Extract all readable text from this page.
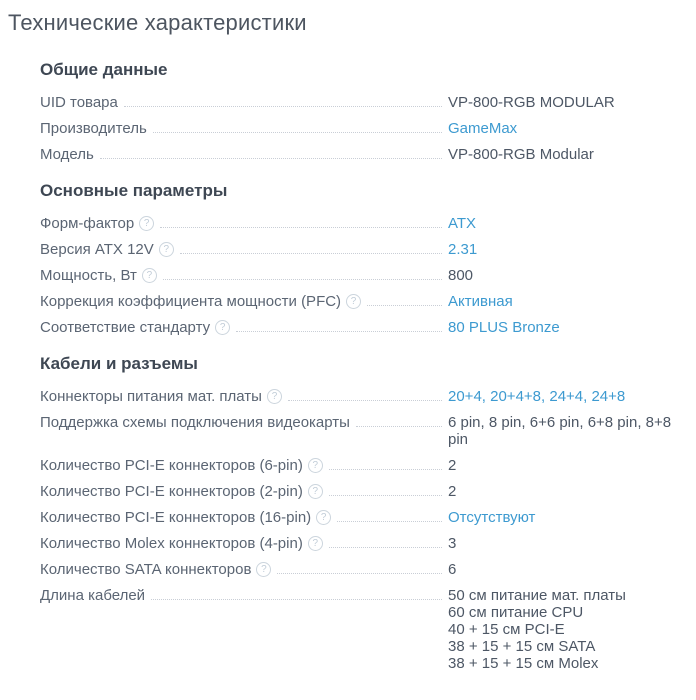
Технические характеристики
Общие данные
UID товара	VP-800-RGB MODULAR
Производитель	GameMax
Модель	VP-800-RGB Modular
Основные параметры
Форм-фактор ?	ATX
Версия ATX 12V ?	2.31
Мощность, Вт ?	800
Коррекция коэффициента мощности (PFC) ?	Активная
Соответствие стандарту ?	80 PLUS Bronze
Кабели и разъемы
Коннекторы питания мат. платы ?	20+4, 20+4+8, 24+4, 24+8
Поддержка схемы подключения видеокарты	6 pin, 8 pin, 6+6 pin, 6+8 pin, 8+8 pin
Количество PCI-E коннекторов (6-pin) ?	2
Количество PCI-E коннекторов (2-pin) ?	2
Количество PCI-E коннекторов (16-pin) ?	Отсутствуют
Количество Molex коннекторов (4-pin) ?	3
Количество SATA коннекторов ?	6
Длина кабелей	50 см питание мат. платы
60 см питание CPU
40 + 15 см PCI-E
38 + 15 + 15 см SATA
38 + 15 + 15 см Molex
